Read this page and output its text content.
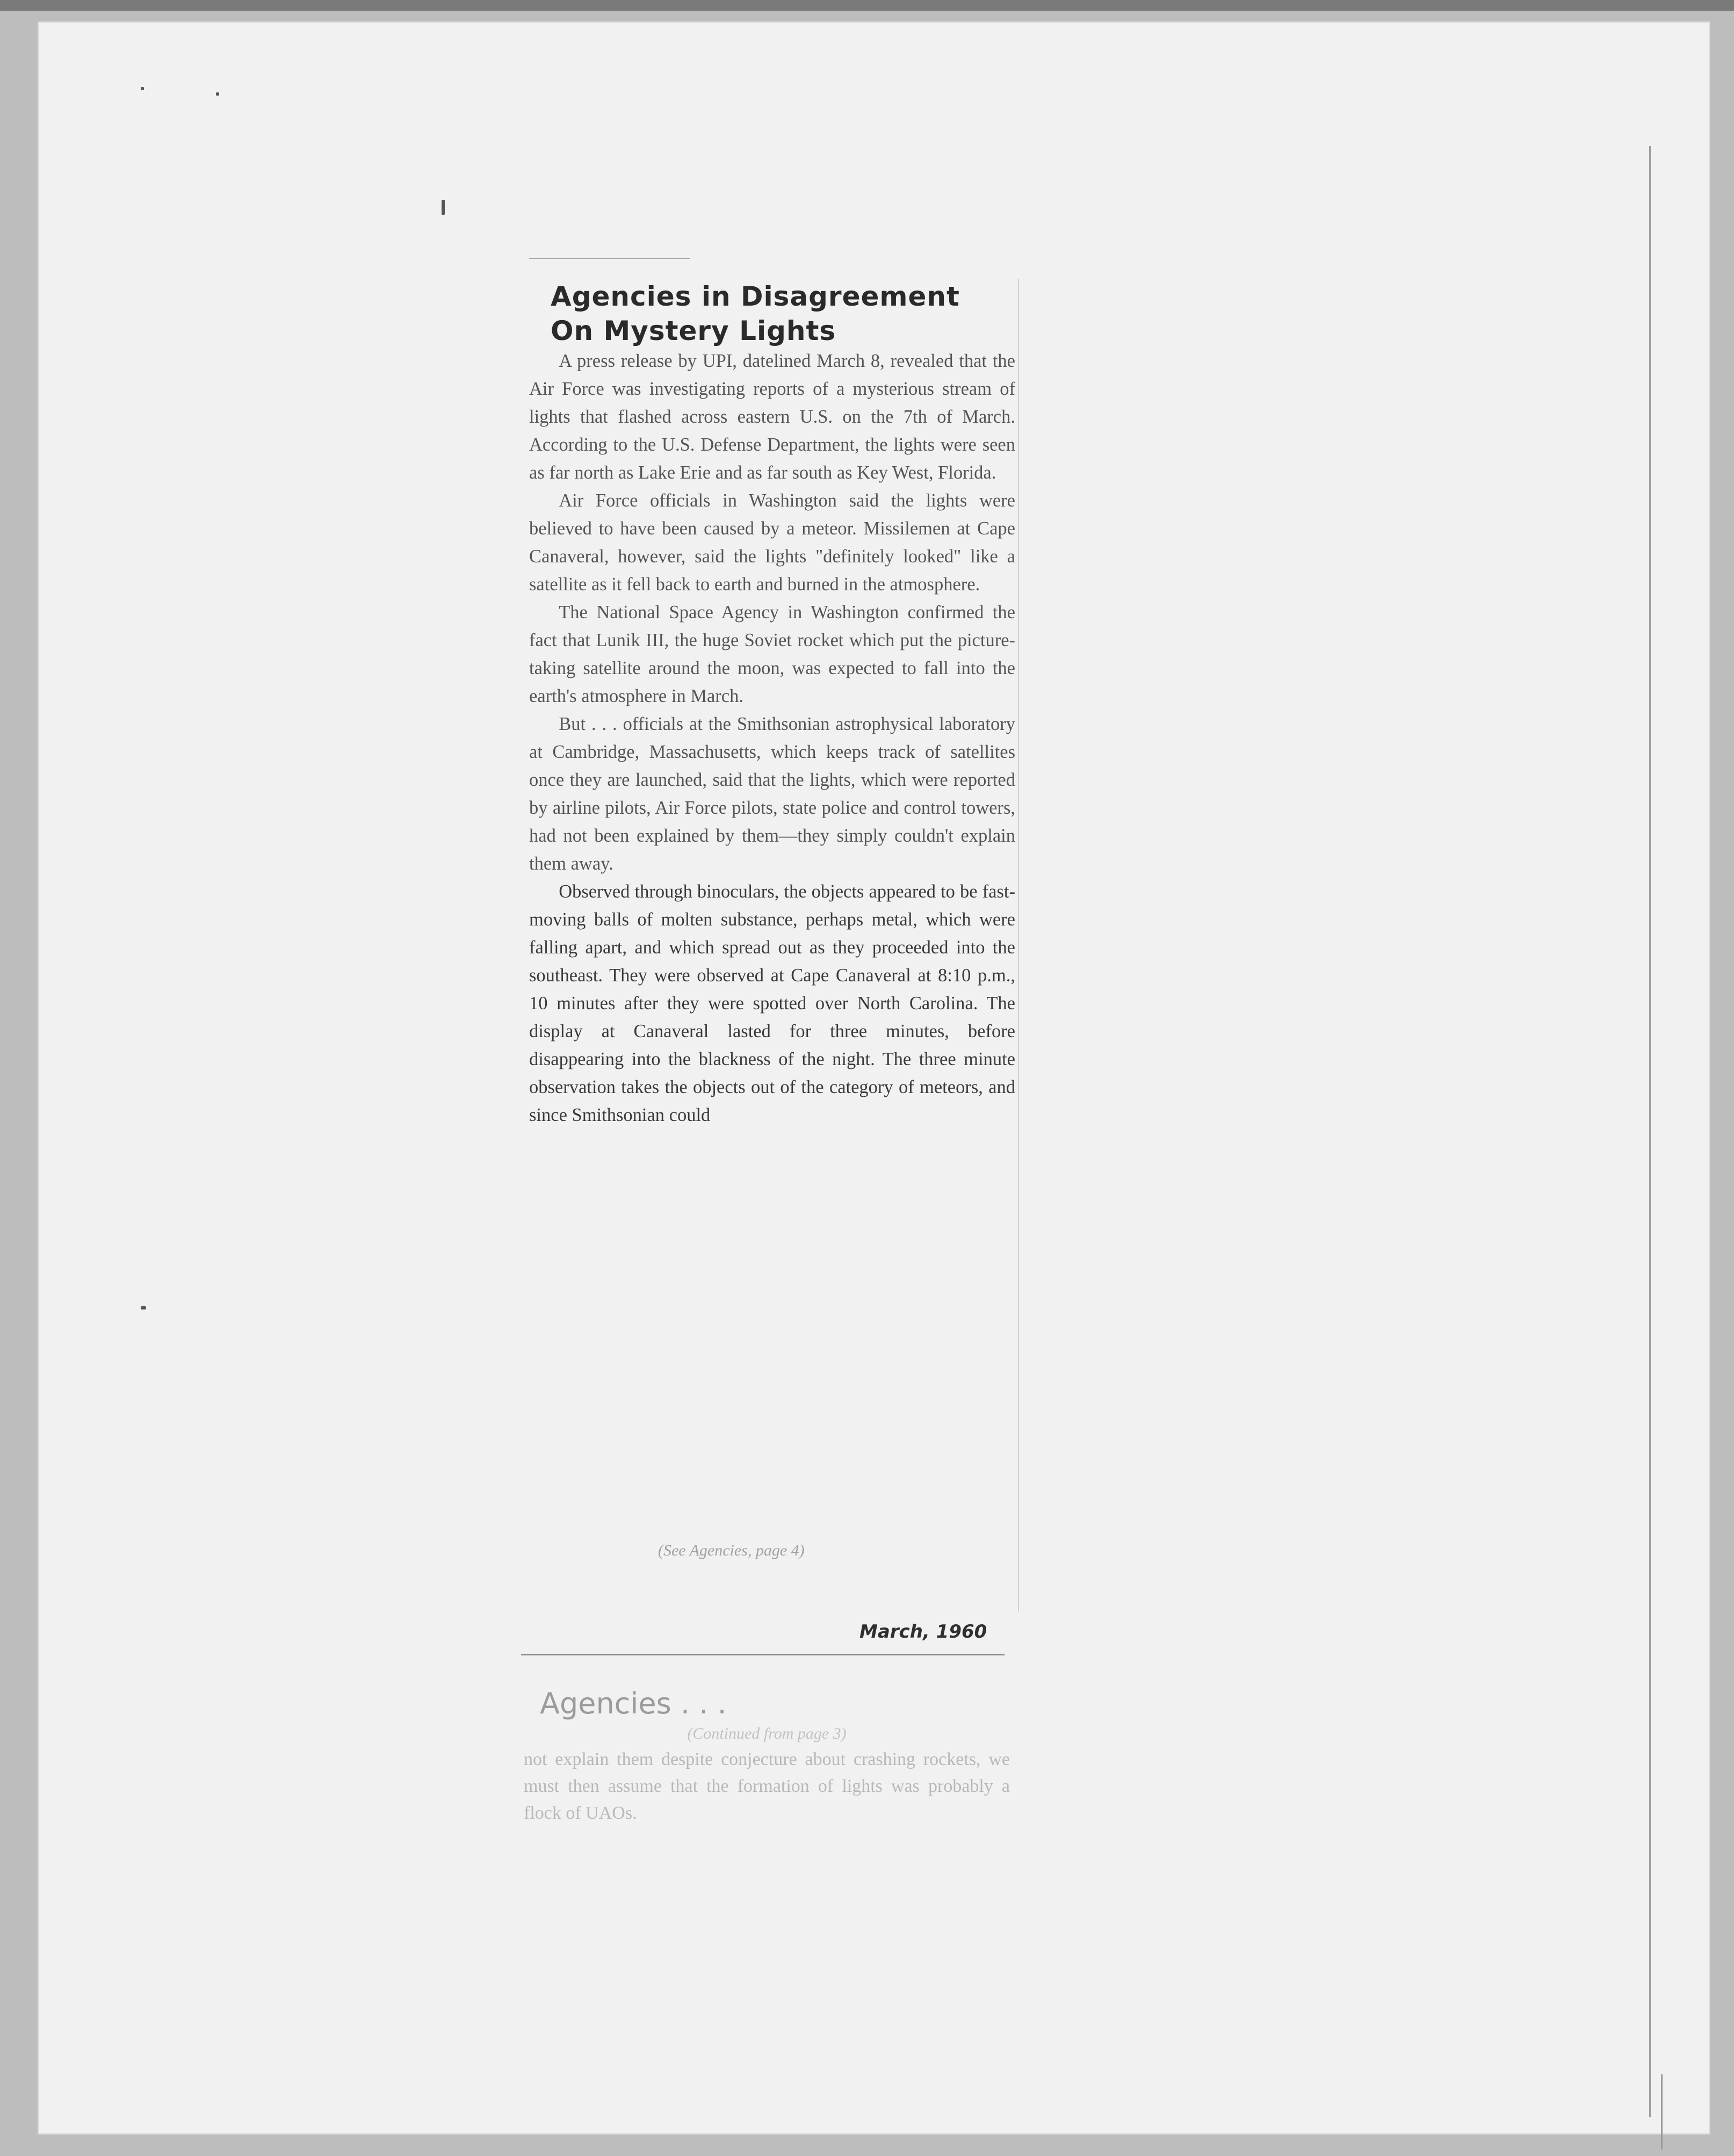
Agencies in Disagreement
On Mystery Lights

A press release by UPI, datelined March 8, revealed that the Air Force was investigating reports of a mysterious stream of lights that flashed across eastern U.S. on the 7th of March. According to the U.S. Defense Department, the lights were seen as far north as Lake Erie and as far south as Key West, Florida.

Air Force officials in Washington said the lights were believed to have been caused by a meteor. Missilemen at Cape Canaveral, however, said the lights "definitely looked" like a satellite as it fell back to earth and burned in the atmosphere.

The National Space Agency in Washington confirmed the fact that Lunik III, the huge Soviet rocket which put the picture-taking satellite around the moon, was expected to fall into the earth's atmosphere in March.

But . . . officials at the Smithsonian astrophysical laboratory at Cambridge, Massachusetts, which keeps track of satellites once they are launched, said that the lights, which were reported by airline pilots, Air Force pilots, state police and control towers, had not been explained by them—they simply couldn't explain them away.

Observed through binoculars, the objects appeared to be fast-moving balls of molten substance, perhaps metal, which were falling apart, and which spread out as they proceeded into the southeast. They were observed at Cape Canaveral at 8:10 p.m., 10 minutes after they were spotted over North Carolina. The display at Canaveral lasted for three minutes, before disappearing into the blackness of the night. The three minute observation takes the objects out of the category of meteors, and since Smithsonian could

(See Agencies, page 4)
March, 1960

Agencies . . .

(Continued from page 3)

not explain them despite conjecture about crashing rockets, we must then assume that the formation of lights was probably a flock of UAOs.
